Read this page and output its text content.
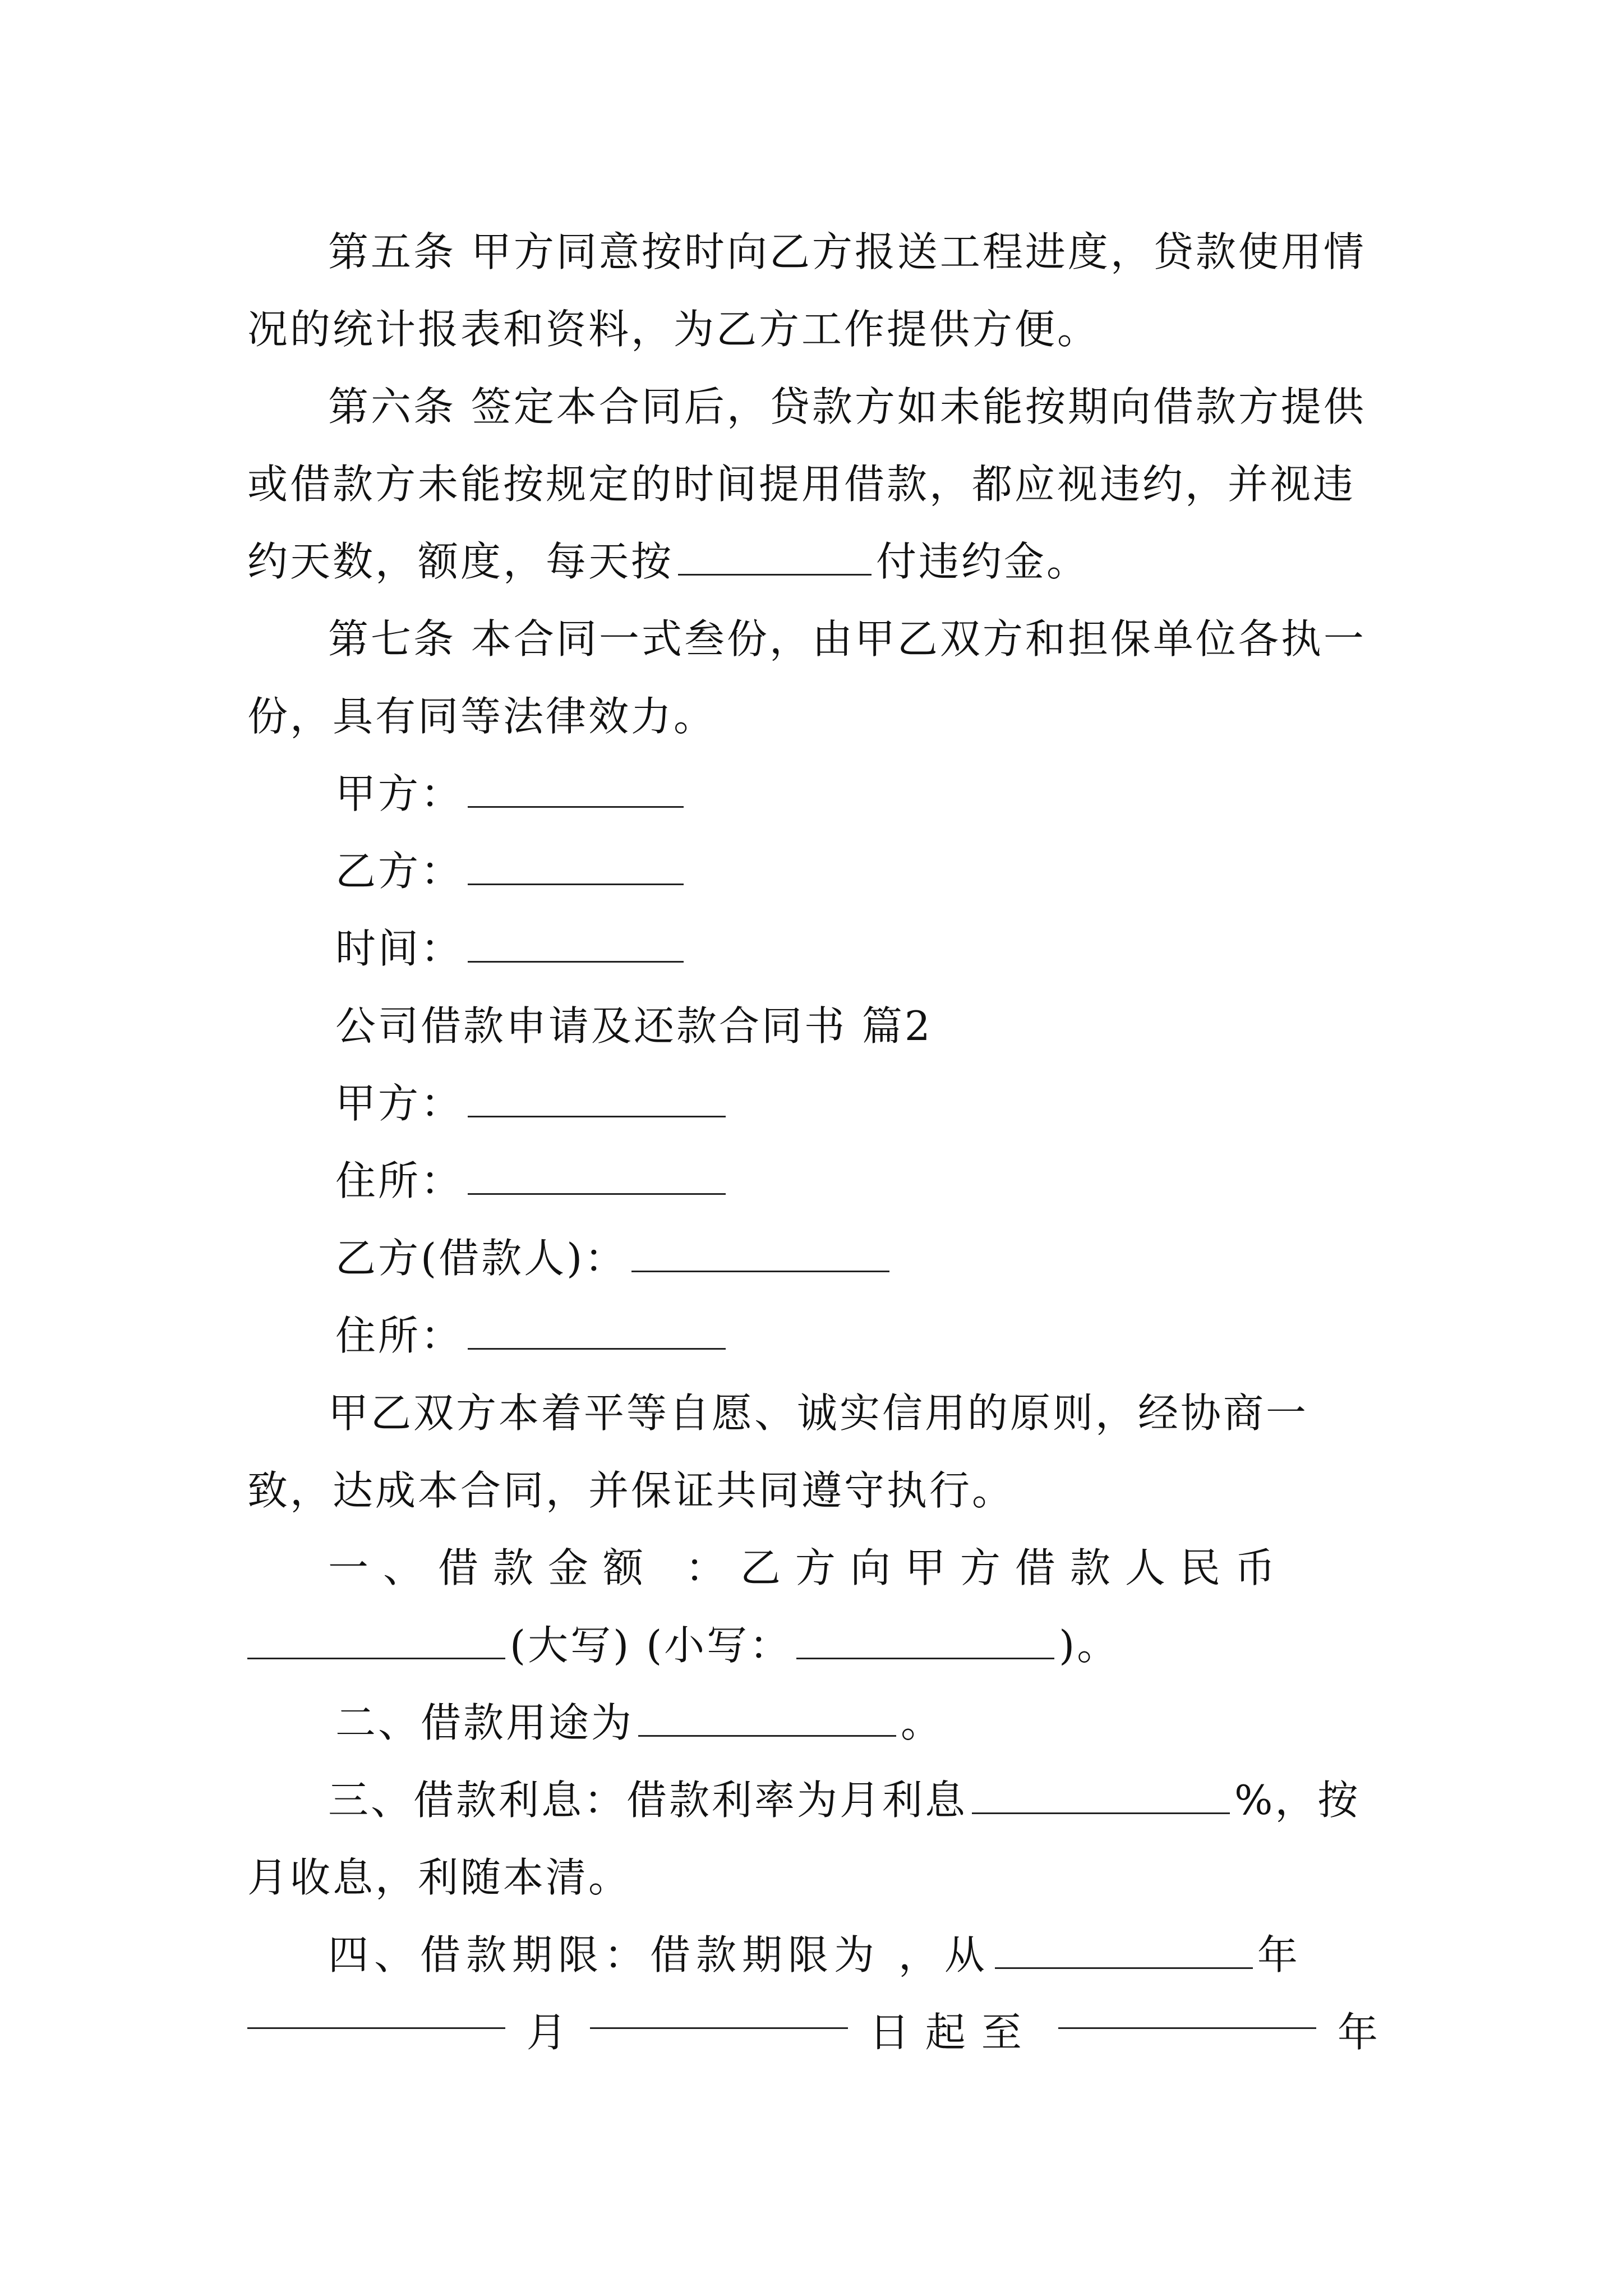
第五条 甲方同意按时向乙方报送工程进度，贷款使用情况的统计报表和资料，为乙方工作提供方便。

第六条 签定本合同后，贷款方如未能按期向借款方提供或借款方未能按规定的时间提用借款，都应视违约，并视违约天数，额度，每天按	付违约金。

第七条 本合同一式叁份，由甲乙双方和担保单位各执一份，具有同等法律效力。

甲方：

乙方：

时间：

公司借款申请及还款合同书 篇2

甲方：

住所：

乙方(借款人)：

住所：

甲乙双方本着平等自愿、诚实信用的原则，经协商一致，达成本合同，并保证共同遵守执行。

一、借款金额 ：乙方向甲方借款人民币

(大写) (小写：	)。

二、借款用途为	。

三、借款利息：借款利率为月利息	%，按月收息，利随本清。

四、借款期限：借款期限为 ，从	年

月	日起至	年
